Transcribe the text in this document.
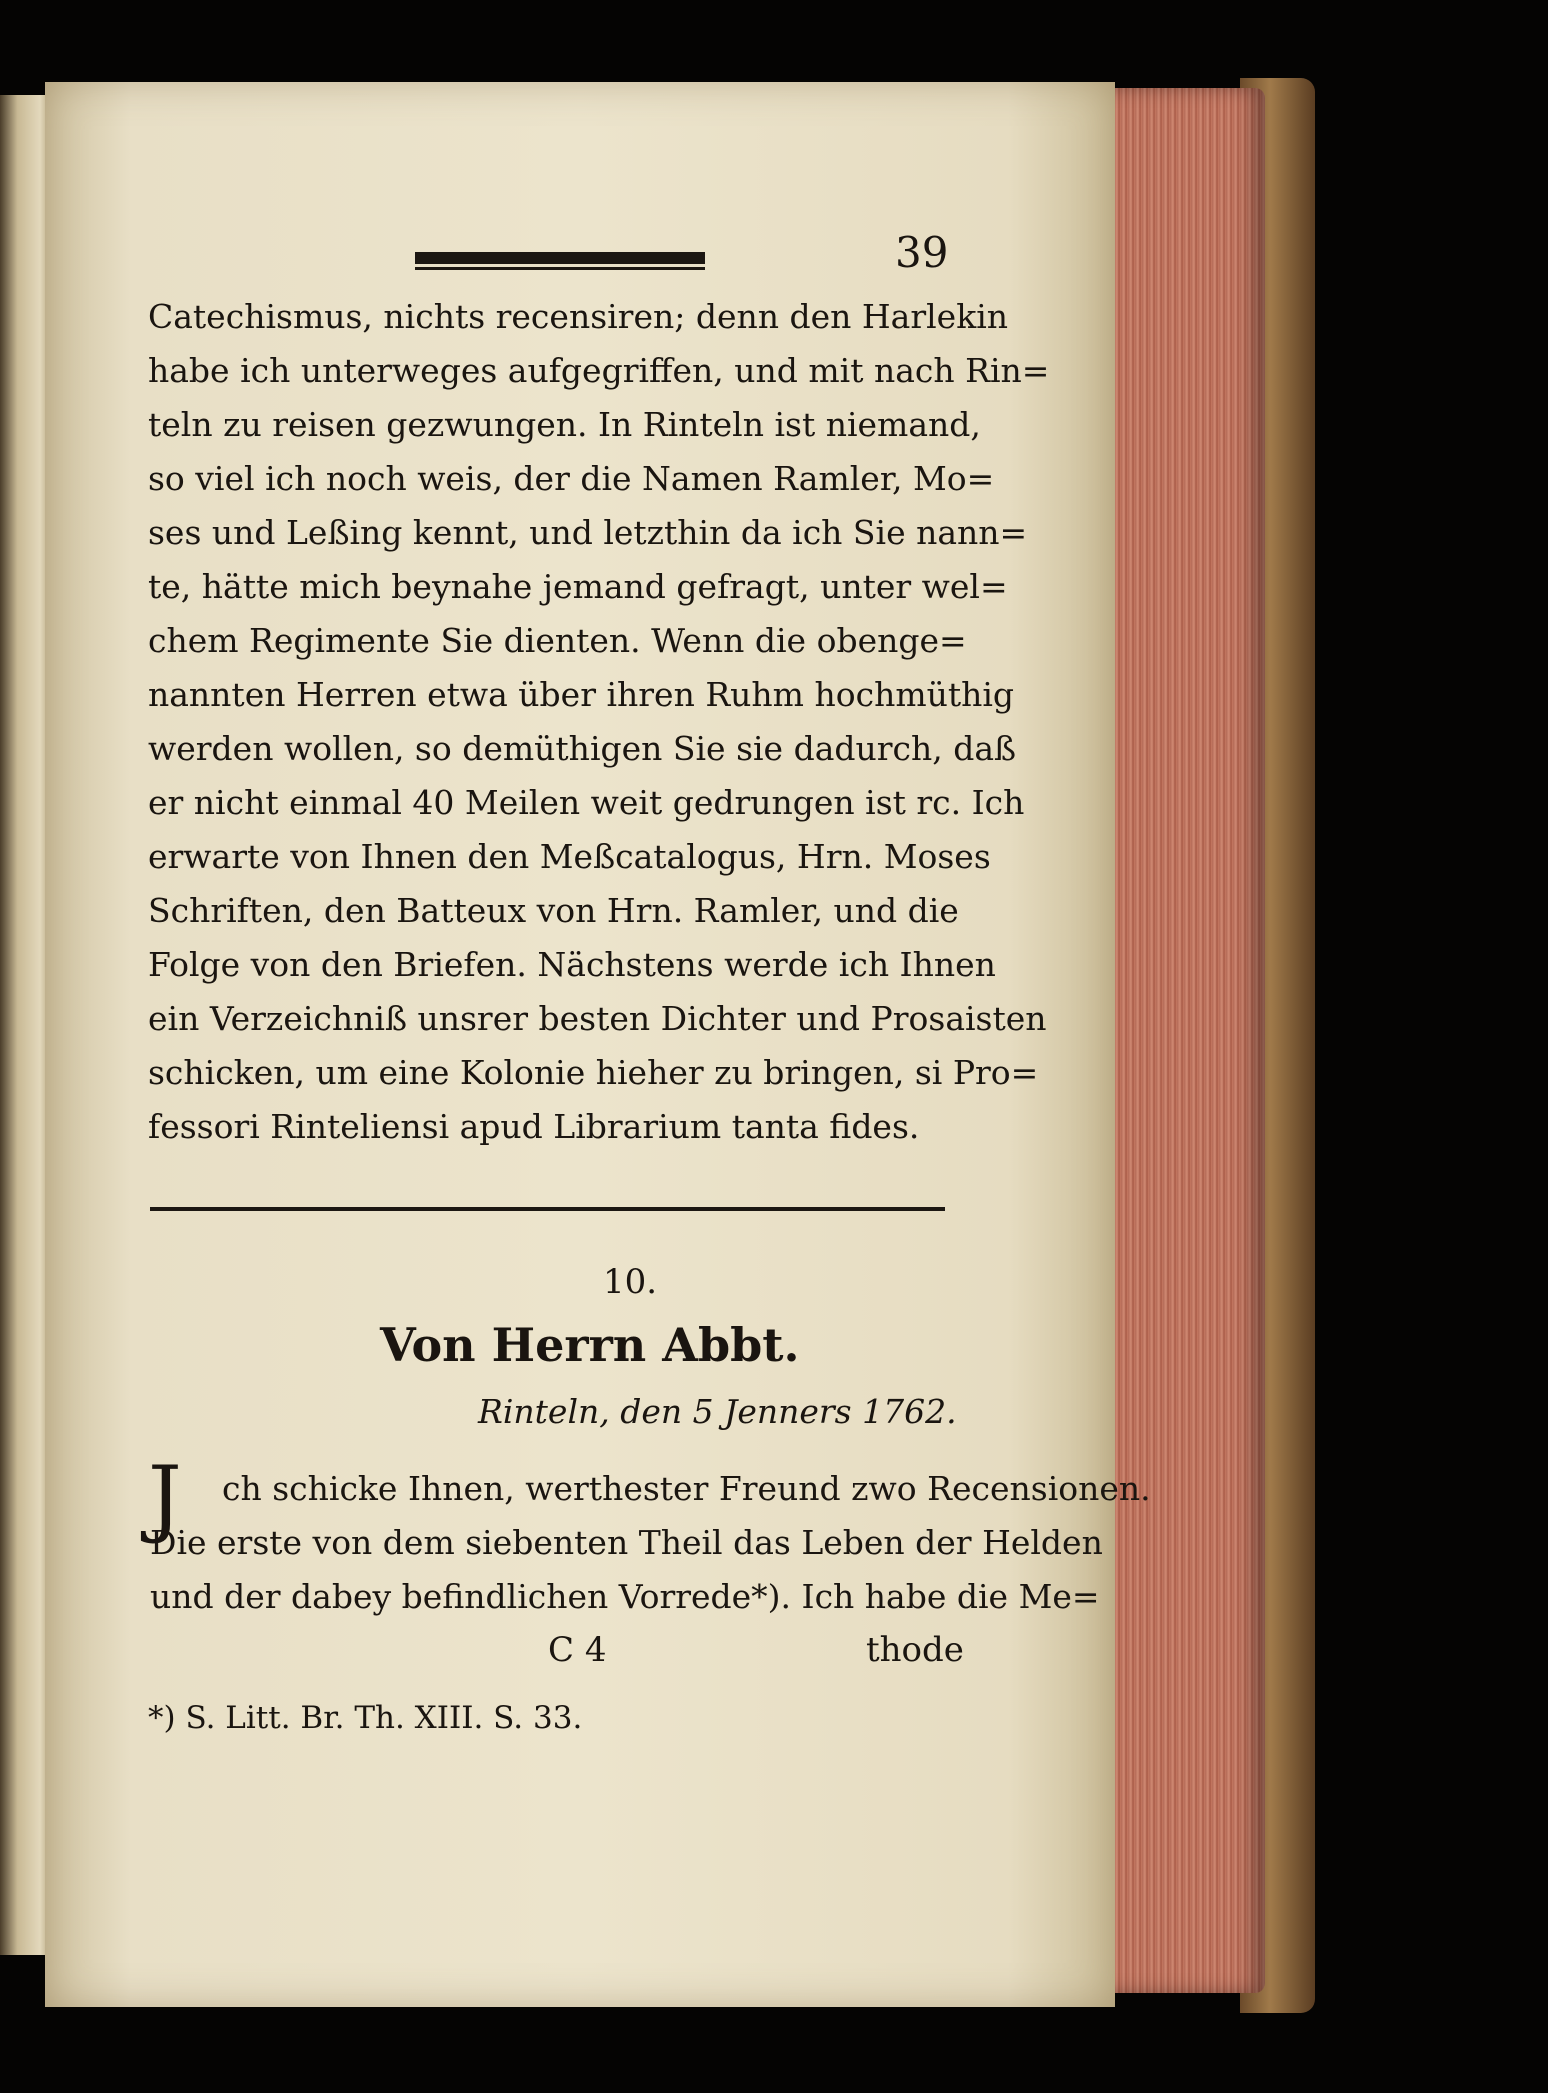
39
Catechismus, nichts recensiren; denn den Harlekin
habe ich unterweges aufgegriffen, und mit nach Rin=
teln zu reisen gezwungen. In Rinteln ist niemand,
so viel ich noch weis, der die Namen Ramler, Mo=
ses und Leßing kennt, und letzthin da ich Sie nann=
te, hätte mich beynahe jemand gefragt, unter wel=
chem Regimente Sie dienten. Wenn die obenge=
nannten Herren etwa über ihren Ruhm hochmüthig
werden wollen, so demüthigen Sie sie dadurch, daß
er nicht einmal 40 Meilen weit gedrungen ist rc. Ich
erwarte von Ihnen den Meßcatalogus, Hrn. Moses
Schriften, den Batteux von Hrn. Ramler, und die
Folge von den Briefen. Nächstens werde ich Ihnen
ein Verzeichniß unsrer besten Dichter und Prosaisten
schicken, um eine Kolonie hieher zu bringen, si Pro=
fessori Rinteliensi apud Librarium tanta fides.
10.
Von Herrn Abbt.
Rinteln, den 5 Jenners 1762.
J ch schicke Ihnen, werthester Freund zwo Recensionen.
Die erste von dem siebenten Theil das Leben der Helden
und der dabey befindlichen Vorrede*). Ich habe die Me=
C 4	thode
*) S. Litt. Br. Th. XIII. S. 33.
